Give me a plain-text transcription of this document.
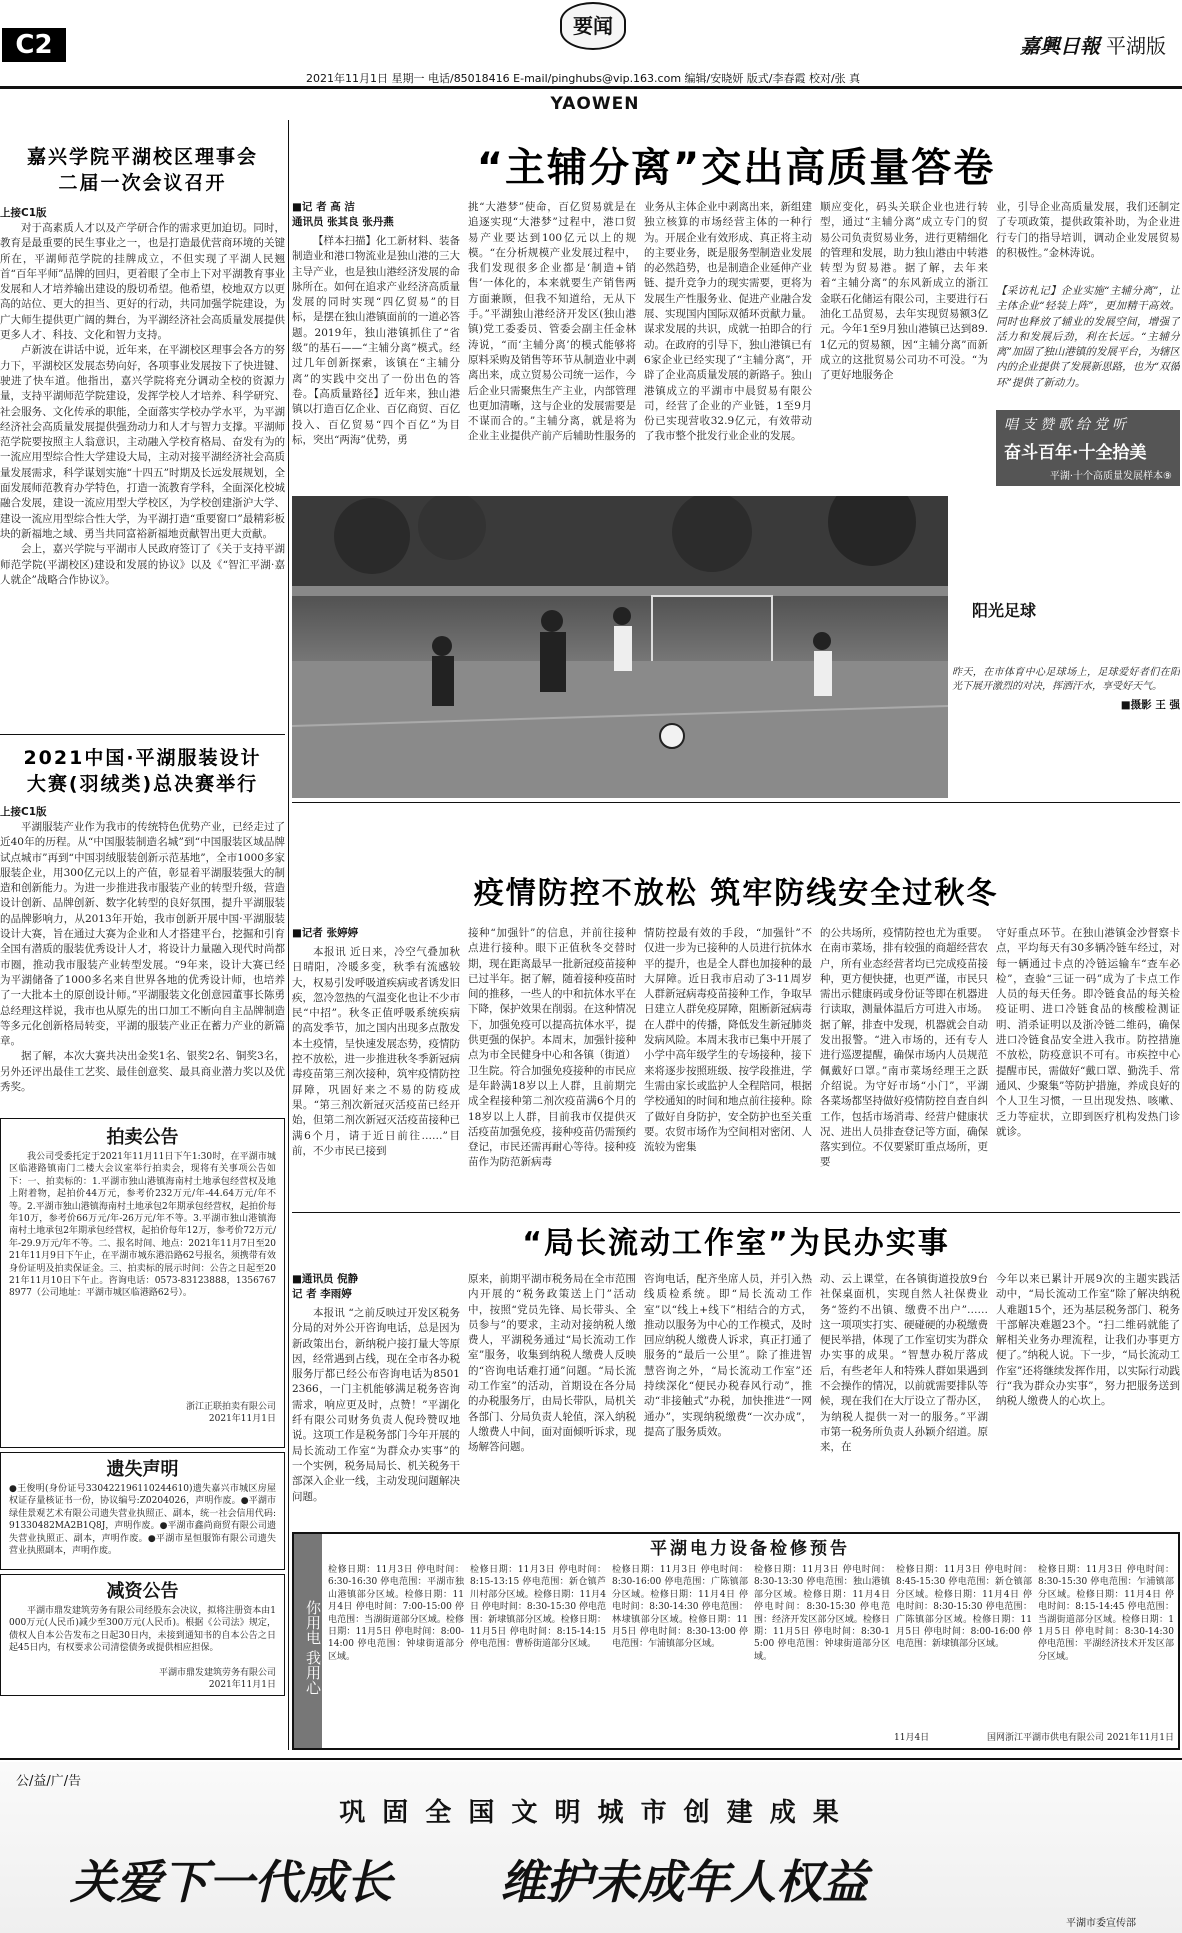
C2
要闻
嘉興日報 平湖版
2021年11月1日 星期一 电话/85018416 E-mail/pinghubs@vip.163.com 编辑/安晓妍 版式/李春霞 校对/张 真
YAOWEN
嘉兴学院平湖校区理事会
二届一次会议召开
上接C1版

对于高素质人才以及产学研合作的需求更加迫切。同时，教育是最重要的民生事业之一，也是打造最优营商环境的关键所在，平湖师范学院的挂牌成立，不但实现了平湖人民翘首“百年平师”品牌的回归，更着眼了全市上下对平湖教育事业发展和人才培养输出建设的殷切希望。他希望，校地双方以更高的站位、更大的担当、更好的行动，共同加强学院建设，为广大师生提供更广阔的舞台，为平湖经济社会高质量发展提供更多人才、科技、文化和智力支持。

卢新波在讲话中说，近年来，在平湖校区理事会各方的努力下，平湖校区发展态势向好，各项事业发展按下了快进键、驶进了快车道。他指出，嘉兴学院将充分调动全校的资源力量，支持平湖师范学院建设，发挥学校人才培养、科学研究、社会服务、文化传承的职能，全面落实学校办学水平，为平湖经济社会高质量发展提供强劲动力和人才与智力支撑。平湖师范学院要按照主人翁意识，主动融入学校育格局、奋发有为的一流应用型综合性大学建设大局，主动对接平湖经济社会高质量发展需求，科学谋划实施“十四五”时期及长远发展规划，全面发展师范教育办学特色，打造一流教育学科，全面深化校城融合发展，建设一流应用型大学校区，为学校创建浙沪大学、建设一流应用型综合性大学，为平湖打造“重要窗口”最精彩板块的新福地之域、勇当共同富裕新福地贡献智出更大贡献。

会上，嘉兴学院与平湖市人民政府签订了《关于支持平湖师范学院(平湖校区)建设和发展的协议》以及《“智汇平湖·嘉人就企”战略合作协议》。

2021中国·平湖服装设计
大赛(羽绒类)总决赛举行
上接C1版

平湖服装产业作为我市的传统特色优势产业，已经走过了近40年的历程。从“中国服装制造名城”到“中国服装区域品牌试点城市”再到“中国羽绒服装创新示范基地”，全市1000多家服装企业，用300亿元以上的产值，彰显着平湖服装强大的制造和创新能力。为进一步推进我市服装产业的转型升级，营造设计创新、品牌创新、数字化转型的良好氛围，提升平湖服装的品牌影响力，从2013年开始，我市创新开展中国·平湖服装设计大赛，旨在通过大赛为企业和人才搭建平台，挖掘和引育全国有潜质的服装优秀设计人才，将设计力量融入现代时尚都市圈，推动我市服装产业转型发展。“9年来，设计大赛已经为平湖储备了1000多名来自世界各地的优秀设计师，也培养了一大批本土的原创设计师。”平湖服装文化创意园董事长陈勇总经理这样说，我市也从原先的出口加工不断向自主品牌制造等多元化创新格局转变，平湖的服装产业正在蓄力产业的新篇章。

据了解，本次大赛共决出金奖1名、银奖2名、铜奖3名，另外还评出最佳工艺奖、最佳创意奖、最具商业潜力奖以及优秀奖。

拍卖公告

我公司受委托定于2021年11月11日下午1:30时，在平湖市城区临港路镇南门二楼大会议室举行拍卖会，现将有关事项公告如下：一、拍卖标的：1.平湖市独山港镇海南村土地承包经营权及地上附着物，起拍价44万元，参考价232万元/年-44.64万元/年不等。2.平湖市独山港镇海南村土地承包2年期承包经营权，起拍价每年10万，参考价66万元/年-26万元/年不等。3.平湖市独山港镇海南村土地承包2年期承包经营权，起拍价每年12万，参考价72万元/年-29.9万元/年不等。二、报名时间、地点：2021年11月7日至2021年11月9日下午止，在平湖市城东港沿路62号报名，须携带有效身份证明及拍卖保证金。三、拍卖标的展示时间：公告之日起至2021年11月10日下午止。咨询电话：0573-83123888，13567678977（公司地址：平湖市城区临港路62号）。

浙江正联拍卖有限公司
2021年11月1日
遗失声明
●王俊明(身份证号330422196110244610)遗失嘉兴市城区房屋权证存量核证书一份，协议编号:Z0204026，声明作废。●平湖市绿佳景观艺术有限公司遗失营业执照正、副本，统一社会信用代码:91330482MA2B1Q8J，声明作废。●平湖市鑫尚商贸有限公司遗失营业执照正、副本，声明作废。●平湖市星恒服饰有限公司遗失营业执照副本，声明作废。
减资公告

平湖市鼎发建筑劳务有限公司经股东会决议，拟将注册资本由1000万元(人民币)减少至300万元(人民币)。根据《公司法》规定，债权人自本公告发布之日起30日内，未接到通知书的自本公告之日起45日内，有权要求公司清偿债务或提供相应担保。

平湖市鼎发建筑劳务有限公司
2021年11月1日
“主辅分离”交出高质量答卷
■记 者 高 洁
通讯员 张其良 张丹燕

【样本扫描】化工新材料、装备制造业和港口物流业是独山港的三大主导产业，也是独山港经济发展的命脉所在。如何在追求产业经济高质量发展的同时实现“四亿贸易”的目标，是摆在独山港镇面前的一道必答题。2019年，独山港镇抓住了“省级”的基石——“主辅分离”模式。经过几年创新探索，该镇在“主辅分离”的实践中交出了一份出色的答卷。【高质量路径】近年来，独山港镇以打造百亿企业、百亿商贸、百亿投入、百亿贸易“四个百亿”为目标，突出“两海”优势，勇

挑“大港梦”使命，百亿贸易就是在追逐实现“大港梦”过程中，港口贸易产业要达到100亿元以上的规模。“在分析规模产业发展过程中，我们发现很多企业都是‘制造+销售’一体化的，本来就要生产销售两方面兼顾，但我不知道给，无从下手。”平湖独山港经济开发区(独山港镇)党工委委员、管委会副主任金林涛说，“而‘主辅分离’的模式能够将原料采购及销售等环节从制造业中剥离出来，成立贸易公司统一运作，今后企业只需聚焦生产主业，内部管理也更加清晰，这与企业的发展需要是不谋而合的。”主辅分离，就是将为企业主业提供产前产后辅助性服务的
业务从主体企业中剥离出来，新组建独立核算的市场经营主体的一种行为。开展企业有效形成、真正将主动的主要业务，既是服务型制造业发展的必然趋势，也是制造企业延伸产业链、提升竞争力的现实需要，更将为发展生产性服务业、促进产业融合发展、实现国内国际双循环贡献力量。谋求发展的共识，成就一拍即合的行动。在政府的引导下，独山港镇已有6家企业已经实现了“主辅分离”，开辟了企业高质量发展的新路子。独山港镇成立的平湖市中晨贸易有限公司，经营了企业的产业链，1至9月份已实现营收32.9亿元，有效带动了我市整个批发行业企业的发展。
顺应变化，码头关联企业也进行转型，通过“主辅分离”成立专门的贸易公司负责贸易业务，进行更精细化的管理和发展，助力独山港由中转港转型为贸易港。据了解，去年来着“主辅分离”的东风新成立的浙江金联石化储运有限公司，主要进行石油化工品贸易，去年实现贸易额3亿元。今年1至9月独山港镇已达到89.1亿元的贸易额，因“主辅分离”而新成立的这批贸易公司功不可没。“为了更好地服务企
业，引导企业高质量发展，我们还制定了专项政策，提供政策补助，为企业进行专门的指导培训，调动企业发展贸易的积极性。”金林涛说。
【采访札记】企业实施“主辅分离”，让主体企业“轻装上阵”，更加精干高效。同时也释放了辅业的发展空间，增强了活力和发展后劲，利在长远。“主辅分离”加固了独山港镇的发展平台，为辖区内的企业提供了发展新思路，也为“双循环”提供了新动力。
唱支赞歌给党听
奋斗百年·十全拾美
平湖·十个高质量发展样本⑨
阳光足球
昨天，在市体育中心足球场上，足球爱好者们在阳光下展开激烈的对决，挥洒汗水，享受好天气。
■摄影 王 强
疫情防控不放松 筑牢防线安全过秋冬
■记者 张婷婷

本报讯 近日来，冷空气叠加秋日晴阳，冷暖多变，秋季有流感较大，权易引发呼吸道疾病或者诱发旧疾，忽冷忽热的气温变化也让不少市民“中招”。秋冬正值呼吸系统疾病的高发季节，加之国内出现多点散发本土疫情，呈快速发展态势，疫情防控不放松，进一步推进秋冬季新冠病毒疫苗第三剂次接种，筑牢疫情防控屏障，巩固好来之不易的防疫成果。“第三剂次新冠灭活疫苗已经开始，但第二剂次新冠灭活疫苗接种已满6个月，请于近日前往……”目前，不少市民已接到

接种“加强针”的信息，并前往接种点进行接种。眼下正值秋冬交替时期，现在距离最早一批新冠疫苗接种已过半年。据了解，随着接种疫苗时间的推移，一些人的中和抗体水平在下降，保护效果在削弱。在这种情况下，加强免疫可以提高抗体水平，提供更强的保护。本周末，加强针接种点为市全民健身中心和各镇（街道）卫生院。符合加强免疫接种的市民应是年龄满18岁以上人群，且前期完成全程接种第二剂次疫苗满6个月的18岁以上人群，目前我市仅提供灭活疫苗加强免疫，接种疫苗仍需预约登记，市民还需再耐心等待。接种疫苗作为防范新病毒
情防控最有效的手段，“加强针”不仅进一步为已接种的人员进行抗体水平的提升，也是全人群也加接种的最大屏障。近日我市启动了3-11周岁人群新冠病毒疫苗接种工作，争取早日建立人群免疫屏障，阻断新冠病毒在人群中的传播，降低发生新冠肺炎发病风险。本周末我市已集中开展了小学中高年级学生的专场接种，接下来将逐步按照班级、按学段推进，学生需由家长或监护人全程陪同，根据学校通知的时间和地点前往接种。除了做好自身防护，安全防护也至关重要。农贸市场作为空间相对密闭、人流较为密集
的公共场所，疫情防控也尤为重要。在南市菜场，排有较强的商超经营农户，所有业态经营者均已完成疫苗接种，更方便快捷，也更严谨，市民只需出示健康码或身份证等即在机器进行读取，测量体温后方可进入市场。据了解，排查中发现，机器就会自动发出报警。“进入市场的，还有专人进行巡逻提醒，确保市场内人员规范佩戴好口罩。”南市菜场经理王之跃介绍说。为守好市场“小门”，平湖各菜场都坚持做好疫情防控自查自纠工作，包括市场消毒、经营户健康状况、进出人员排查登记等方面，确保落实到位。不仅要紧盯重点场所，更要
守好重点环节。在独山港镇金沙督察卡点，平均每天有30多辆冷链车经过，对每一辆通过卡点的冷链运输车“查车必检”，查验“三证一码”成为了卡点工作人员的每天任务。即冷链食品的每关检疫证明、进口冷链食品的核酸检测证明、消杀证明以及浙冷链二维码，确保进口冷链食品安全进入我市。防控措施不放松，防疫意识不可有。市疾控中心提醒市民，需做好“戴口罩、勤洗手、常通风、少聚集”等防护措施，养成良好的个人卫生习惯，一旦出现发热、咳嗽、乏力等症状，立即到医疗机构发热门诊就诊。
“局长流动工作室”为民办实事
■通讯员 倪静
记 者 李雨婷

本报讯 “之前反映过开发区税务分局的对外公开咨询电话，总是因为新政策出台，新纳税户接打量大等原因，经常遇到占线，现在全市各办税服务厅都已经公布咨询电话为85012366，一门主机能够满足税务咨询需求，响应更及时，点赞！”平湖化纤有限公司财务负责人倪玲赞叹地说。这项工作是税务部门今年开展的局长流动工作室“为群众办实事”的一个实例，税务局局长、机关税务干部深入企业一线，主动发现问题解决问题。

原来，前期平湖市税务局在全市范围内开展的“税务政策送上门”活动中，按照“党员先锋、局长带头、全员参与”的要求，主动对接纳税人缴费人，平湖税务通过“局长流动工作室”服务，收集到纳税人缴费人反映的“咨询电话难打通”问题。“局长流动工作室”的活动，首期设在各分局的办税服务厅，由局长带队，局机关各部门、分局负责人轮值，深入纳税人缴费人中间，面对面倾听诉求，现场解答问题。
咨询电话，配齐坐席人员，并引入热线质检系统。即“局长流动工作室”以“线上+线下”相结合的方式，推动以服务为中心的工作模式，及时回应纳税人缴费人诉求，真正打通了服务的“最后一公里”。除了推进智慧咨询之外，“局长流动工作室”还持续深化“便民办税春风行动”，推动“非接触式”办税，加快推进“一网通办”，实现纳税缴费“一次办成”，提高了服务质效。
动、云上课堂，在各镇街道投放9台社保桌面机，实现自然人社保费业务“签约不出镇、缴费不出户”……这一项项实打实、硬碰硬的办税缴费便民举措，体现了工作室切实为群众办实事的成果。“智慧办税厅落成后，有些老年人和特殊人群如果遇到不会操作的情况，以前就需要排队等候，现在我们在大厅设立了帮办区，为纳税人提供一对一的服务。”平湖市第一税务所负责人孙颖介绍道。原来，在
今年以来已累计开展9次的主题实践活动中，“局长流动工作室”除了解决纳税人难题15个，还为基层税务部门、税务干部解决难题23个。“扫二维码就能了解相关业务办理流程，让我们办事更方便了。”纳税人说。下一步，“局长流动工作室”还将继续发挥作用，以实际行动践行“我为群众办实事”，努力把服务送到纳税人缴费人的心坎上。
你用电 我用心
平湖电力设备检修预告
检修日期：11月3日 停电时间：6:30-16:30 停电范围：平湖市独山港镇部分区域。检修日期：11月4日 停电时间：7:00-15:00 停电范围：当湖街道部分区域。检修日期：11月5日 停电时间：8:00-14:00 停电范围：钟埭街道部分区域。
检修日期：11月3日 停电时间：8:15-13:15 停电范围：新仓镇芦川村部分区域。检修日期：11月4日 停电时间：8:30-15:30 停电范围：新埭镇部分区域。检修日期：11月5日 停电时间：8:15-14:15 停电范围：曹桥街道部分区域。
检修日期：11月3日 停电时间：8:30-16:00 停电范围：广陈镇部分区域。检修日期：11月4日 停电时间：8:30-14:30 停电范围：林埭镇部分区域。检修日期：11月5日 停电时间：8:30-13:00 停电范围：乍浦镇部分区域。
检修日期：11月3日 停电时间：8:30-13:30 停电范围：独山港镇部分区域。检修日期：11月4日 停电时间：8:30-15:30 停电范围：经济开发区部分区域。检修日期：11月5日 停电时间：8:30-15:00 停电范围：钟埭街道部分区域。
检修日期：11月3日 停电时间：8:45-15:30 停电范围：新仓镇部分区域。检修日期：11月4日 停电时间：8:30-15:30 停电范围：广陈镇部分区域。检修日期：11月5日 停电时间：8:00-16:00 停电范围：新埭镇部分区域。
检修日期：11月3日 停电时间：8:30-15:30 停电范围：乍浦镇部分区域。检修日期：11月4日 停电时间：8:15-14:45 停电范围：当湖街道部分区域。检修日期：11月5日 停电时间：8:30-14:30 停电范围：平湖经济技术开发区部分区域。
11月4日	国网浙江平湖市供电有限公司 2021年11月1日
公/益/广/告
巩 固 全 国 文 明 城 市 创 建 成 果
关爱下一代成长 维护未成年人权益
平湖市委宣传部
